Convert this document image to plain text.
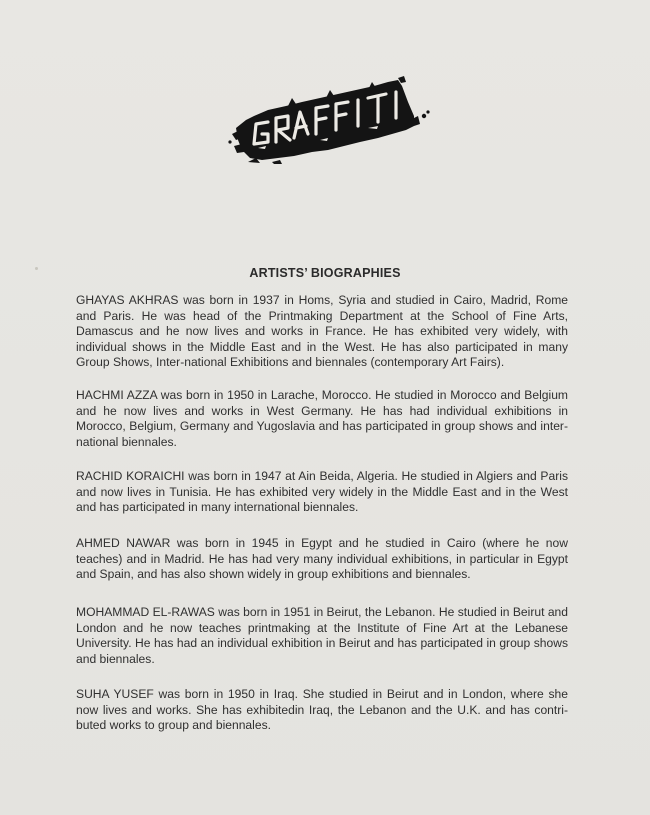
ARTISTS’ BIOGRAPHIES

GHAYAS AKHRAS was born in 1937 in Homs, Syria and studied in Cairo, Madrid, Rome and Paris. He was head of the Printmaking Department at the School of Fine Arts, Damascus and he now lives and works in France. He has exhibited very widely, with individual shows in the Middle East and in the West. He has also participated in many Group Shows, Inter-national Exhibitions and biennales (contemporary Art Fairs).

HACHMI AZZA was born in 1950 in Larache, Morocco. He studied in Morocco and Belgium and he now lives and works in West Germany. He has had individual exhibitions in Morocco, Belgium, Germany and Yugoslavia and has participated in group shows and inter-national biennales.

RACHID KORAICHI was born in 1947 at Ain Beida, Algeria. He studied in Algiers and Paris and now lives in Tunisia. He has exhibited very widely in the Middle East and in the West and has participated in many international biennales.

AHMED NAWAR was born in 1945 in Egypt and he studied in Cairo (where he now teaches) and in Madrid. He has had very many individual exhibitions, in particular in Egypt and Spain, and has also shown widely in group exhibitions and biennales.

MOHAMMAD EL-RAWAS was born in 1951 in Beirut, the Lebanon. He studied in Beirut and London and he now teaches printmaking at the Institute of Fine Art at the Lebanese University. He has had an individual exhibition in Beirut and has participated in group shows and biennales.

SUHA YUSEF was born in 1950 in Iraq. She studied in Beirut and in London, where she now lives and works. She has exhibitedin Iraq, the Lebanon and the U.K. and has contri-buted works to group and biennales.
